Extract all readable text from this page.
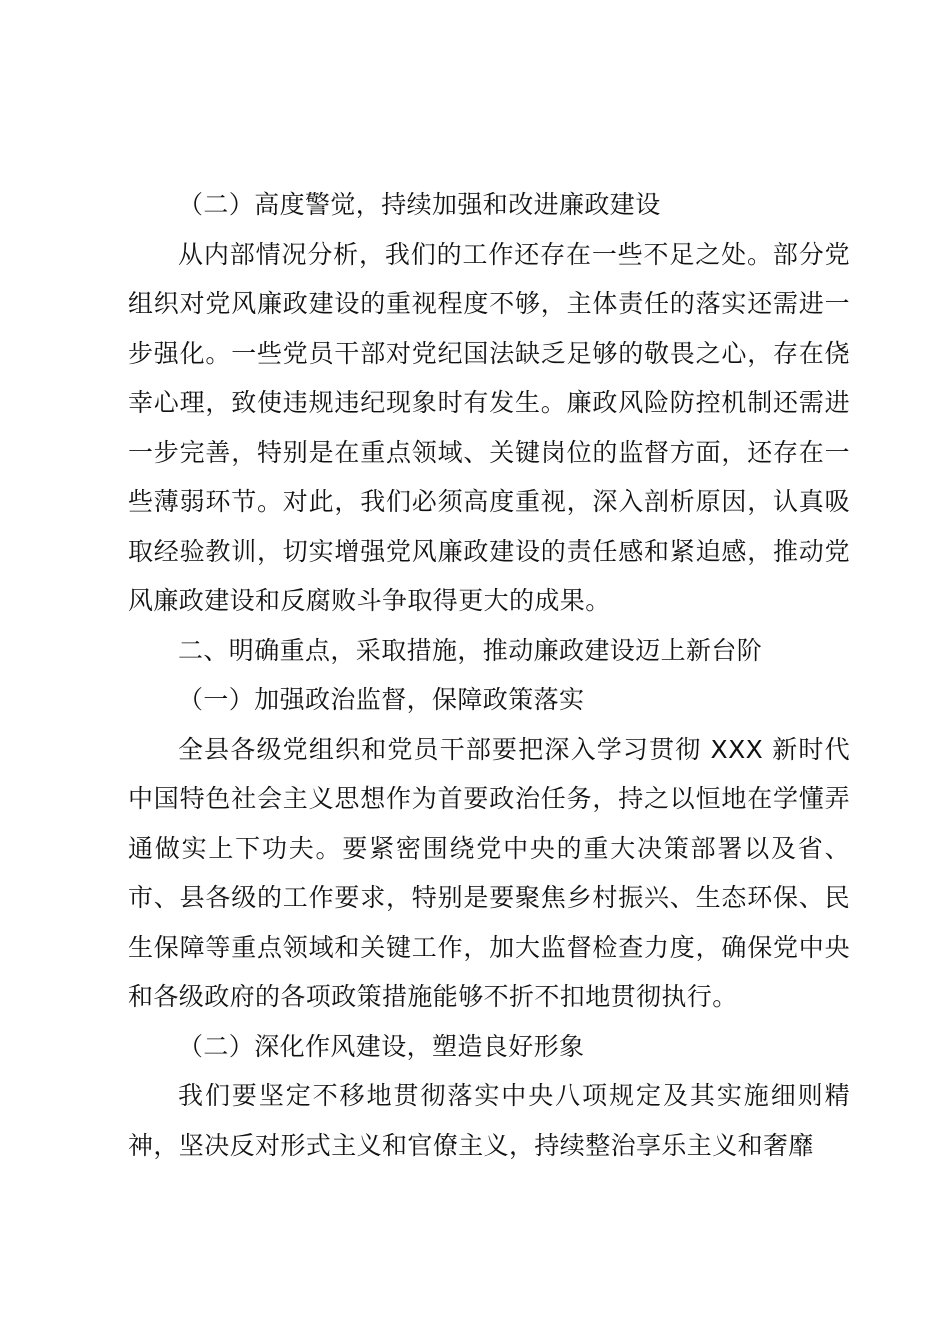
（二）高度警觉，持续加强和改进廉政建设

从内部情况分析，我们的工作还存在一些不足之处。部分党组织对党风廉政建设的重视程度不够，主体责任的落实还需进一步强化。一些党员干部对党纪国法缺乏足够的敬畏之心，存在侥幸心理，致使违规违纪现象时有发生。廉政风险防控机制还需进一步完善，特别是在重点领域、关键岗位的监督方面，还存在一些薄弱环节。对此，我们必须高度重视，深入剖析原因，认真吸取经验教训，切实增强党风廉政建设的责任感和紧迫感，推动党风廉政建设和反腐败斗争取得更大的成果。

二、明确重点，采取措施，推动廉政建设迈上新台阶

（一）加强政治监督，保障政策落实

全县各级党组织和党员干部要把深入学习贯彻 XXX 新时代中国特色社会主义思想作为首要政治任务，持之以恒地在学懂弄通做实上下功夫。要紧密围绕党中央的重大决策部署以及省、市、县各级的工作要求，特别是要聚焦乡村振兴、生态环保、民生保障等重点领域和关键工作，加大监督检查力度，确保党中央和各级政府的各项政策措施能够不折不扣地贯彻执行。

（二）深化作风建设，塑造良好形象

我们要坚定不移地贯彻落实中央八项规定及其实施细则精神，坚决反对形式主义和官僚主义，持续整治享乐主义和奢靡
